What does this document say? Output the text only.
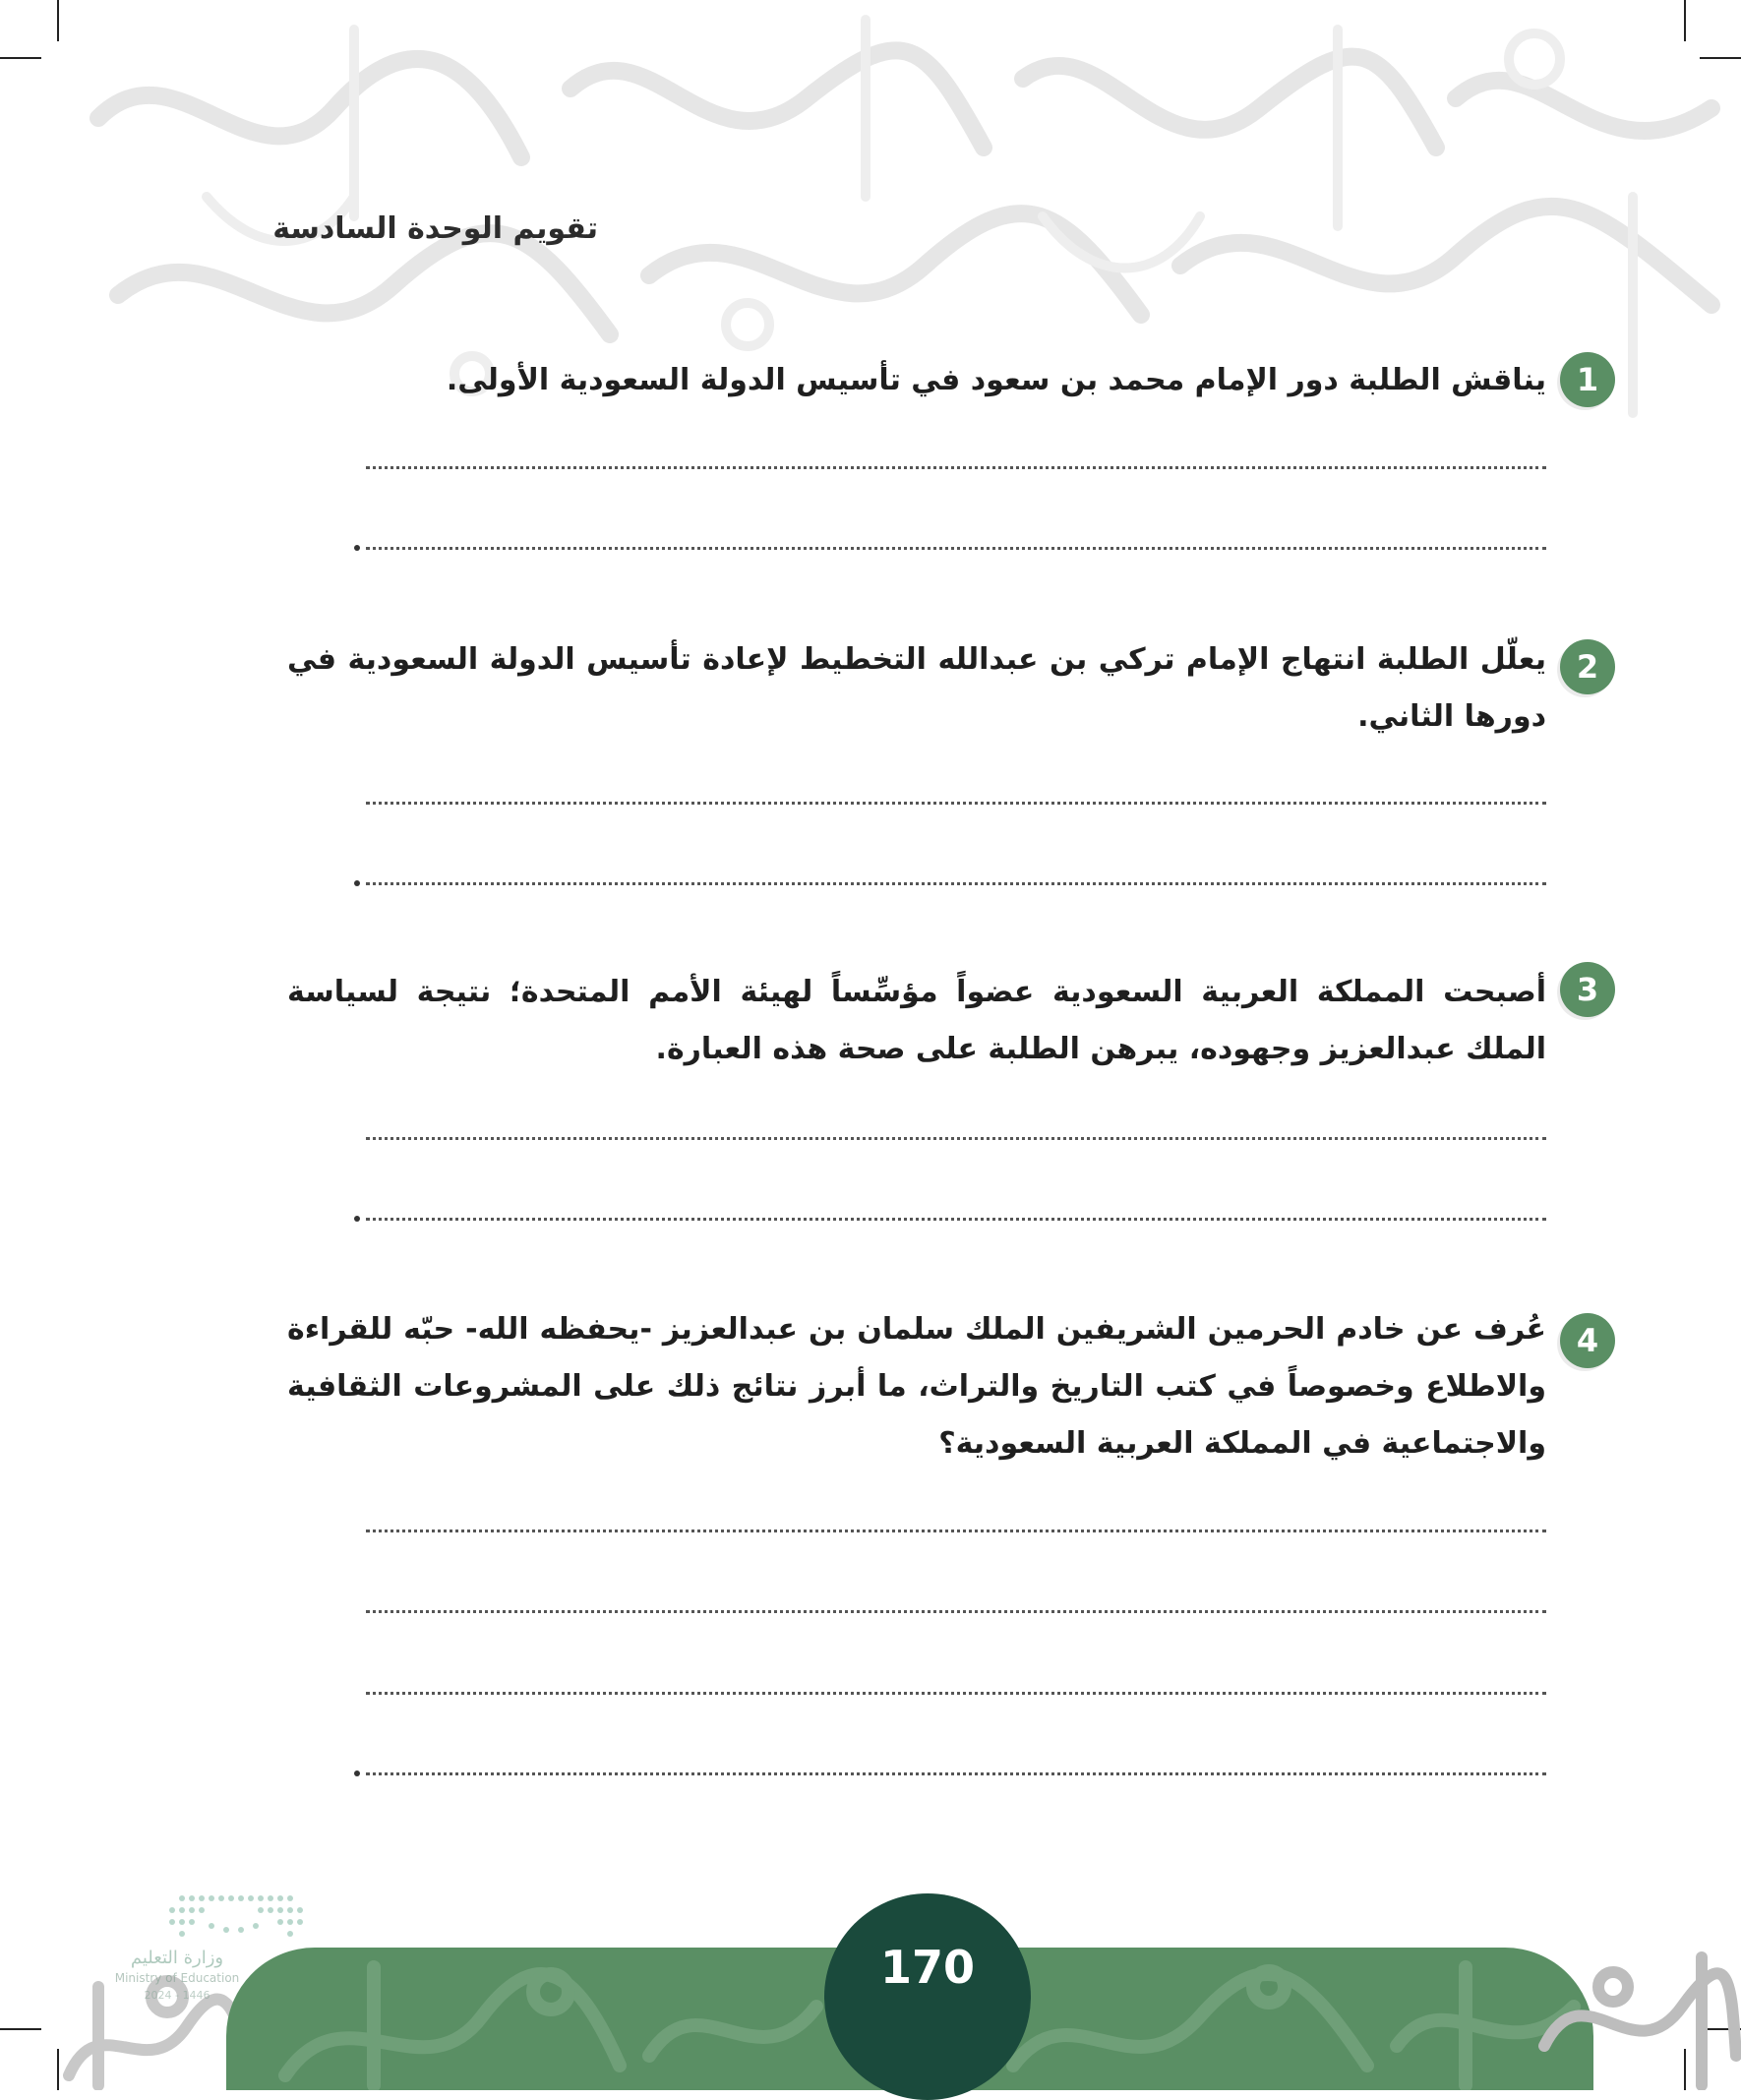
تقويم الوحدة السادسة
1

يناقش الطلبة دور الإمام محمد بن سعود في تأسيس الدولة السعودية الأولى.

2

يعلّل الطلبة انتهاج الإمام تركي بن عبدالله التخطيط لإعادة تأسيس الدولة السعودية في دورها الثاني.

3

أصبحت المملكة العربية السعودية عضواً مؤسِّساً لهيئة الأمم المتحدة؛ نتيجة لسياسة الملك عبدالعزيز وجهوده، يبرهن الطلبة على صحة هذه العبارة.

4

عُرف عن خادم الحرمين الشريفين الملك سلمان بن عبدالعزيز -يحفظه الله- حبّه للقراءة والاطلاع وخصوصاً في كتب التاريخ والتراث، ما أبرز نتائج ذلك على المشروعات الثقافية والاجتماعية في المملكة العربية السعودية؟

170
وزارة التعليم
Ministry of Education
2024 - 1446
